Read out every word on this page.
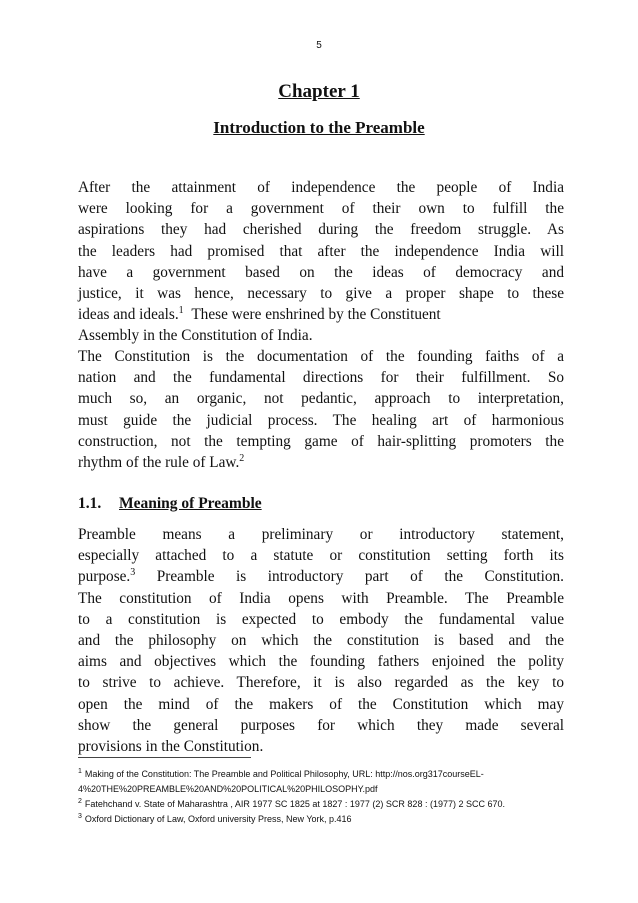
5
Chapter 1
Introduction to the Preamble
After the attainment of independence the people of India
were looking for a government of their own to fulfill the
aspirations they had cherished during the freedom struggle. As
the leaders had promised that after the independence India will
have a government based on the ideas of democracy and
justice, it was hence, necessary to give a proper shape to these
ideas and ideals.$^1$ These were enshrined by the Constituent
Assembly in the Constitution of India.
The Constitution is the documentation of the founding faiths of a
nation and the fundamental directions for their fulfillment. So
much so, an organic, not pedantic, approach to interpretation,
must guide the judicial process. The healing art of harmonious
construction, not the tempting game of hair-splitting promoters the
rhythm of the rule of Law.$^2$
1.1. Meaning of Preamble
Preamble means a preliminary or introductory statement,
especially attached to a statute or constitution setting forth its
purpose.$^3$ Preamble is introductory part of the Constitution.
The constitution of India opens with Preamble. The Preamble
to a constitution is expected to embody the fundamental value
and the philosophy on which the constitution is based and the
aims and objectives which the founding fathers enjoined the polity
to strive to achieve. Therefore, it is also regarded as the key to
open the mind of the makers of the Constitution which may
show the general purposes for which they made several
provisions in the Constitution.
$^1$ Making of the Constitution: The Preamble and Political Philosophy, URL: http://nos.org317courseEL-
4%20THE%20PREAMBLE%20AND%20POLITICAL%20PHILOSOPHY.pdf
$^2$ Fatehchand v. State of Maharashtra , AIR 1977 SC 1825 at 1827 : 1977 (2) SCR 828 : (1977) 2 SCC 670.
$^3$ Oxford Dictionary of Law, Oxford university Press, New York, p.416
